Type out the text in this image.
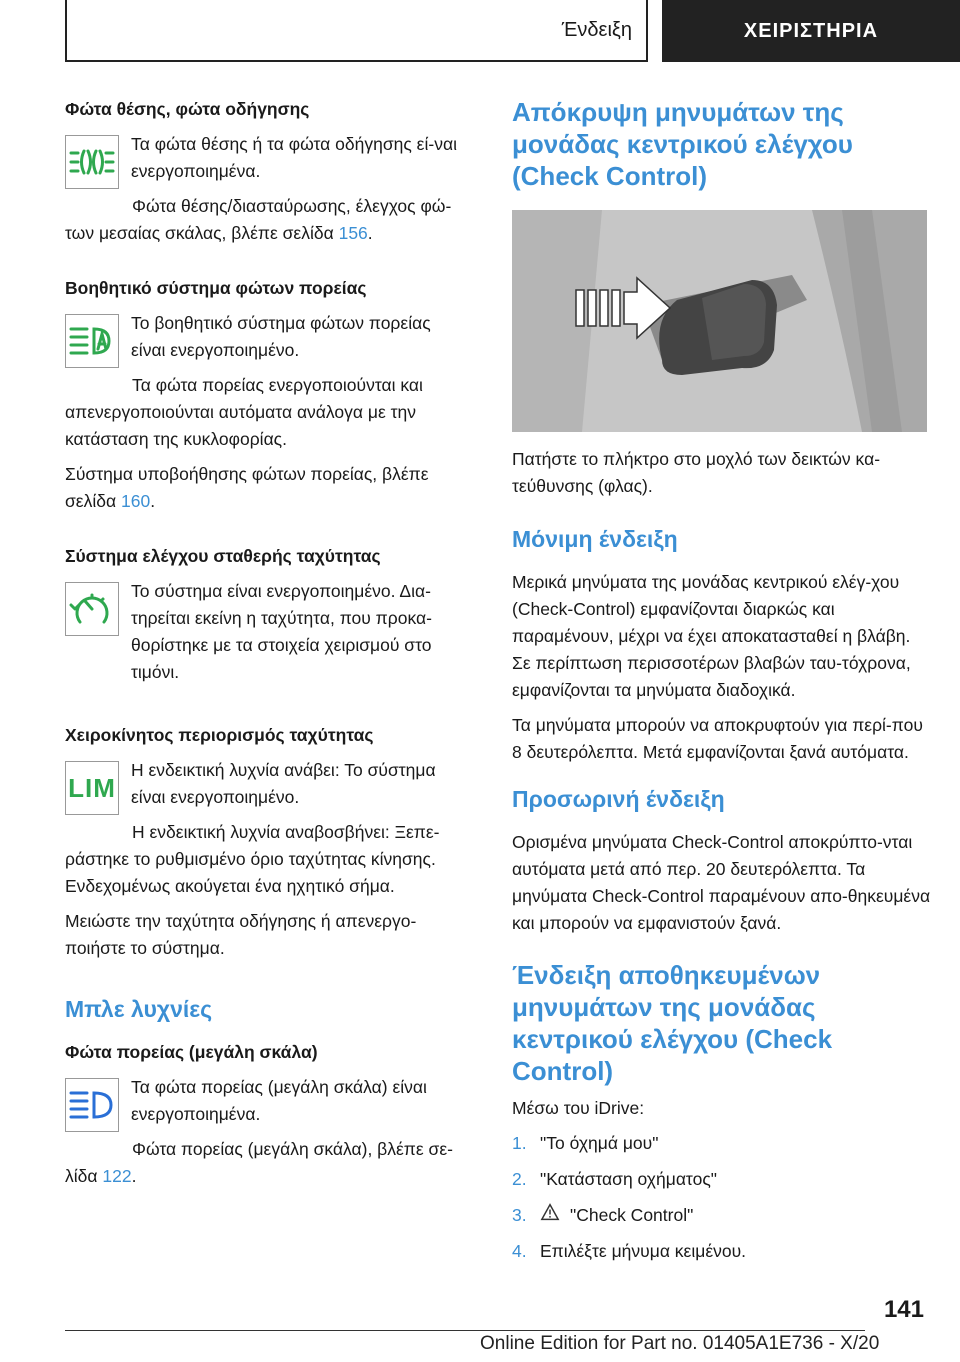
Ένδειξη	ΧΕΙΡΙΣΤΗΡΙΑ
Φώτα θέσης, φώτα οδήγησης
Τα φώτα θέσης ή τα φώτα οδήγησης εί-ναι ενεργοποιημένα.
Φώτα θέσης/διασταύρωσης, έλεγχος φώ-των μεσαίας σκάλας, βλέπε σελίδα 156.
Βοηθητικό σύστημα φώτων πορείας
Το βοηθητικό σύστημα φώτων πορείας είναι ενεργοποιημένο.
Τα φώτα πορείας ενεργοποιούνται και απενεργοποιούνται αυτόματα ανάλογα με την κατάσταση της κυκλοφορίας.
Σύστημα υποβοήθησης φώτων πορείας, βλέπε σελίδα 160.
Σύστημα ελέγχου σταθερής ταχύτητας
Το σύστημα είναι ενεργοποιημένο. Δια-τηρείται εκείνη η ταχύτητα, που προκα-θορίστηκε με τα στοιχεία χειρισμού στο τιμόνι.
Χειροκίνητος περιορισμός ταχύτητας
LIM
Η ενδεικτική λυχνία ανάβει: Το σύστημα είναι ενεργοποιημένο.
Η ενδεικτική λυχνία αναβοσβήνει: Ξεπε-ράστηκε το ρυθμισμένο όριο ταχύτητας κίνησης. Ενδεχομένως ακούγεται ένα ηχητικό σήμα.
Μειώστε την ταχύτητα οδήγησης ή απενεργο-ποιήστε το σύστημα.
Μπλε λυχνίες
Φώτα πορείας (μεγάλη σκάλα)
Τα φώτα πορείας (μεγάλη σκάλα) είναι ενεργοποιημένα.
Φώτα πορείας (μεγάλη σκάλα), βλέπε σε-λίδα 122.
Απόκρυψη μηνυμάτων της μονάδας κεντρικού ελέγχου (Check Control)
Πατήστε το πλήκτρο στο μοχλό των δεικτών κα-τεύθυνσης (φλας).
Μόνιμη ένδειξη
Μερικά μηνύματα της μονάδας κεντρικού ελέγ-χου (Check-Control) εμφανίζονται διαρκώς και παραμένουν, μέχρι να έχει αποκατασταθεί η βλάβη. Σε περίπτωση περισσοτέρων βλαβών ταυ-τόχρονα, εμφανίζονται τα μηνύματα διαδοχικά.
Τα μηνύματα μπορούν να αποκρυφτούν για περί-που 8 δευτερόλεπτα. Μετά εμφανίζονται ξανά αυτόματα.
Προσωρινή ένδειξη
Ορισμένα μηνύματα Check-Control αποκρύπτο-νται αυτόματα μετά από περ. 20 δευτερόλεπτα. Τα μηνύματα Check-Control παραμένουν απο-θηκευμένα και μπορούν να εμφανιστούν ξανά.
Ένδειξη αποθηκευμένων μηνυμάτων της μονάδας κεντρικού ελέγχου (Check Control)
Μέσω του iDrive:
1. "Το όχημά μου"
2. "Κατάσταση οχήματος"
3.	"Check Control"
4. Επιλέξτε μήνυμα κειμένου.
141
Online Edition for Part no. 01405A1E736 - X/20
